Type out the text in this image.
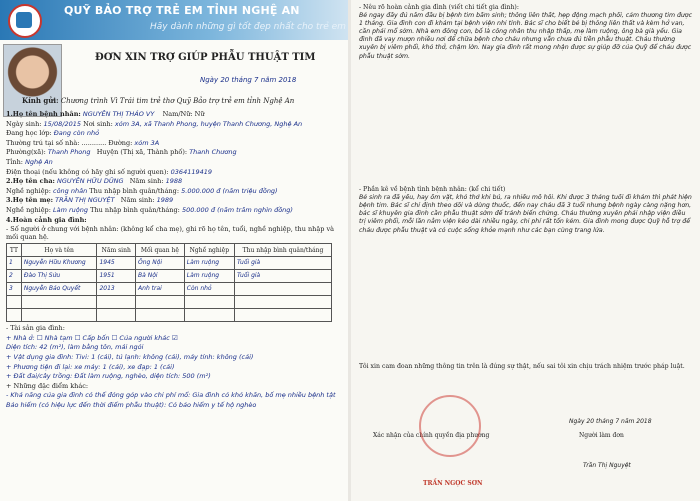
QUỸ BẢO TRỢ TRẺ EM TỈNH NGHỆ AN
Hãy dành những gì tốt đẹp nhất cho trẻ em
ĐƠN XIN TRỢ GIÚP PHẪU THUẬT TIM
Ngày 20 tháng 7 năm 2018
Kính gửi: Chương trình Vì Trái tim trẻ thơ Quỹ Bảo trợ trẻ em tỉnh Nghệ An
1.Họ tên bệnh nhân: NGUYỄN THỊ THẢO VY Nam/Nữ: Nữ
Ngày sinh: 15/08/2015 Nơi sinh: xóm 3A, xã Thanh Phong, huyện Thanh Chương, Nghệ An
Đang học lớp: Đang còn nhỏ
Thường trú tại số nhà: ............ Đường: xóm 3A
Phường(xã): Thanh Phong Huyện (Thị xã, Thành phố): Thanh Chương
Tỉnh: Nghệ An
Điện thoại (nếu không có hãy ghi số người quen): 0364119419
2.Họ tên cha: NGUYỄN HỮU DŨNG Năm sinh: 1988
Nghề nghiệp: công nhân Thu nhập bình quân/tháng: 5.000.000 đ (năm triệu đồng)
3.Họ tên mẹ: TRẦN THỊ NGUYỆT Năm sinh: 1989
Nghề nghiệp: Làm ruộng Thu nhập bình quân/tháng: 500.000 đ (năm trăm nghìn đồng)
4.Hoàn cảnh gia đình:
- Số người ở chung với bệnh nhân: (không kể cha mẹ), ghi rõ họ tên, tuổi, nghề nghiệp, thu nhập và mối quan hệ.
TT	Họ và tên	Năm sinh	Mối quan hệ	Nghề nghiệp	Thu nhập bình quân/tháng
1	Nguyễn Hữu Khương	1945	Ông Nội	Làm ruộng	Tuổi già
2	Đào Thị Sửu	1951	Bà Nội	Làm ruộng	Tuổi già
3	Nguyễn Bảo Quyết	2013	Anh trai	Còn nhỏ	

- Tài sản gia đình:
+ Nhà ở: ☐ Nhà tạm ☐ Cấp bốn ☐ Của người khác ☑
Diện tích: 42 (m²), làm bằng tôn, mái ngói
+ Vật dụng gia đình: Tivi: 1 (cái), tủ lạnh: không (cái), máy tính: không (cái)
+ Phương tiện đi lại: xe máy: 1 (cái), xe đạp: 1 (cái)
+ Đất đai/cây trồng: Đất làm ruộng, nghèo, diện tích: 500 (m²)
+ Những đặc điểm khác:
- Khả năng của gia đình có thể đóng góp vào chi phí mổ: Gia đình có khó khăn, bố mẹ nhiều bệnh tật
Bảo hiểm (có hiệu lực đến thời điểm phẫu thuật): Có bảo hiểm y tế hộ nghèo
- Nêu rõ hoàn cảnh gia đình (viết chi tiết gia đình):
Bé ngay đầy đủ năm đầu bị bệnh tim bẩm sinh; thông liên thất, hẹp động mạch phổi, cảm thương tim được 1 tháng. Gia đình con đi khám tại bệnh viện nhi tỉnh. Bác sĩ cho biết bé bị thông liên thất và kèm hở van, cần phải mổ sớm. Nhà em đông con, bố là công nhân thu nhập thấp, mẹ làm ruộng, ông bà già yếu. Gia đình đã vay mượn nhiều nơi để chữa bệnh cho cháu nhưng vẫn chưa đủ tiền phẫu thuật. Cháu thường xuyên bị viêm phổi, khó thở, chậm lớn. Nay gia đình rất mong nhận được sự giúp đỡ của Quỹ để cháu được phẫu thuật sớm.
- Phần kê về bệnh tình bệnh nhân: (kể chi tiết)
Bé sinh ra đã yếu, hay ốm vặt, khó thở khi bú, ra nhiều mồ hôi. Khi được 3 tháng tuổi đi khám thì phát hiện bệnh tim. Bác sĩ chỉ định theo dõi và dùng thuốc, đến nay cháu đã 3 tuổi nhưng bệnh ngày càng nặng hơn, bác sĩ khuyên gia đình cần phẫu thuật sớm để tránh biến chứng. Cháu thường xuyên phải nhập viện điều trị viêm phổi, mỗi lần nằm viện kéo dài nhiều ngày, chi phí rất tốn kém. Gia đình mong được Quỹ hỗ trợ để cháu được phẫu thuật và có cuộc sống khỏe mạnh như các bạn cùng trang lứa.
Tôi xin cam đoan những thông tin trên là đúng sự thật, nếu sai tôi xin chịu trách nhiệm trước pháp luật.
Ngày 20 tháng 7 năm 2018
Xác nhận của chính quyền địa phương	Người làm đơn
TRẦN NGỌC SƠN
Trần Thị Nguyệt
